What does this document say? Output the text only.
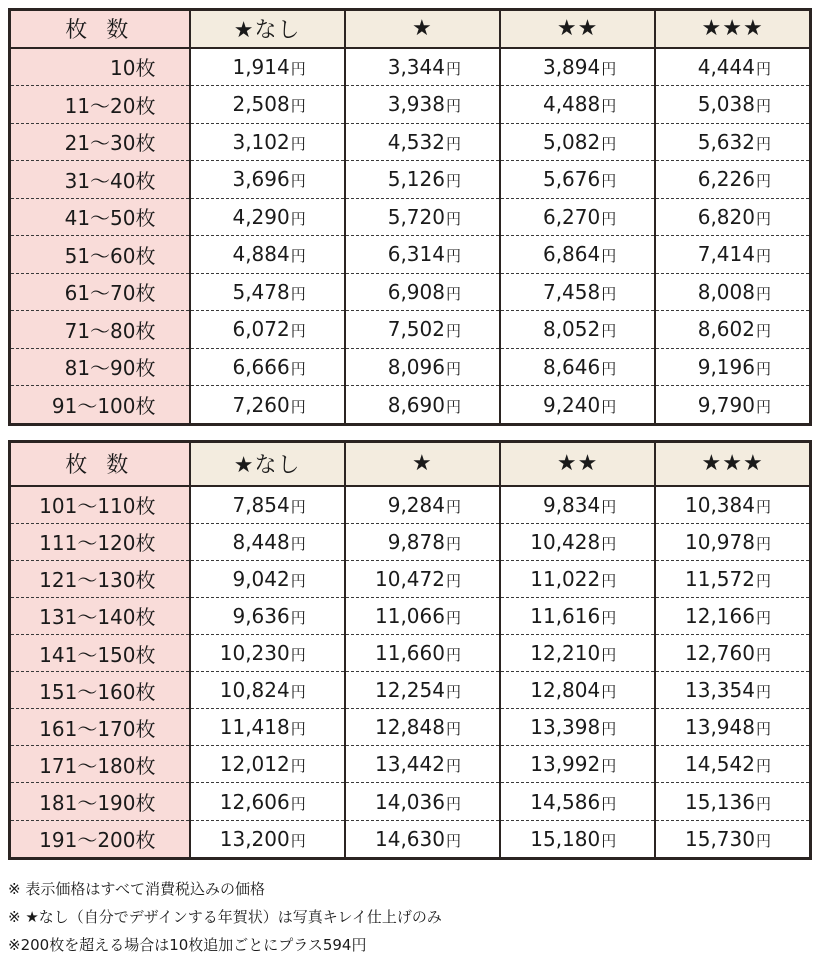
枚 数	★なし	★	★★	★★★
10枚	1,914円	3,344円	3,894円	4,444円
11〜20枚	2,508円	3,938円	4,488円	5,038円
21〜30枚	3,102円	4,532円	5,082円	5,632円
31〜40枚	3,696円	5,126円	5,676円	6,226円
41〜50枚	4,290円	5,720円	6,270円	6,820円
51〜60枚	4,884円	6,314円	6,864円	7,414円
61〜70枚	5,478円	6,908円	7,458円	8,008円
71〜80枚	6,072円	7,502円	8,052円	8,602円
81〜90枚	6,666円	8,096円	8,646円	9,196円
91〜100枚	7,260円	8,690円	9,240円	9,790円
枚 数	★なし	★	★★	★★★
101〜110枚	7,854円	9,284円	9,834円	10,384円
111〜120枚	8,448円	9,878円	10,428円	10,978円
121〜130枚	9,042円	10,472円	11,022円	11,572円
131〜140枚	9,636円	11,066円	11,616円	12,166円
141〜150枚	10,230円	11,660円	12,210円	12,760円
151〜160枚	10,824円	12,254円	12,804円	13,354円
161〜170枚	11,418円	12,848円	13,398円	13,948円
171〜180枚	12,012円	13,442円	13,992円	14,542円
181〜190枚	12,606円	14,036円	14,586円	15,136円
191〜200枚	13,200円	14,630円	15,180円	15,730円
※ 表示価格はすべて消費税込みの価格
※ ★なし（自分でデザインする年賀状）は写真キレイ仕上げのみ
※200枚を超える場合は10枚追加ごとにプラス594円
